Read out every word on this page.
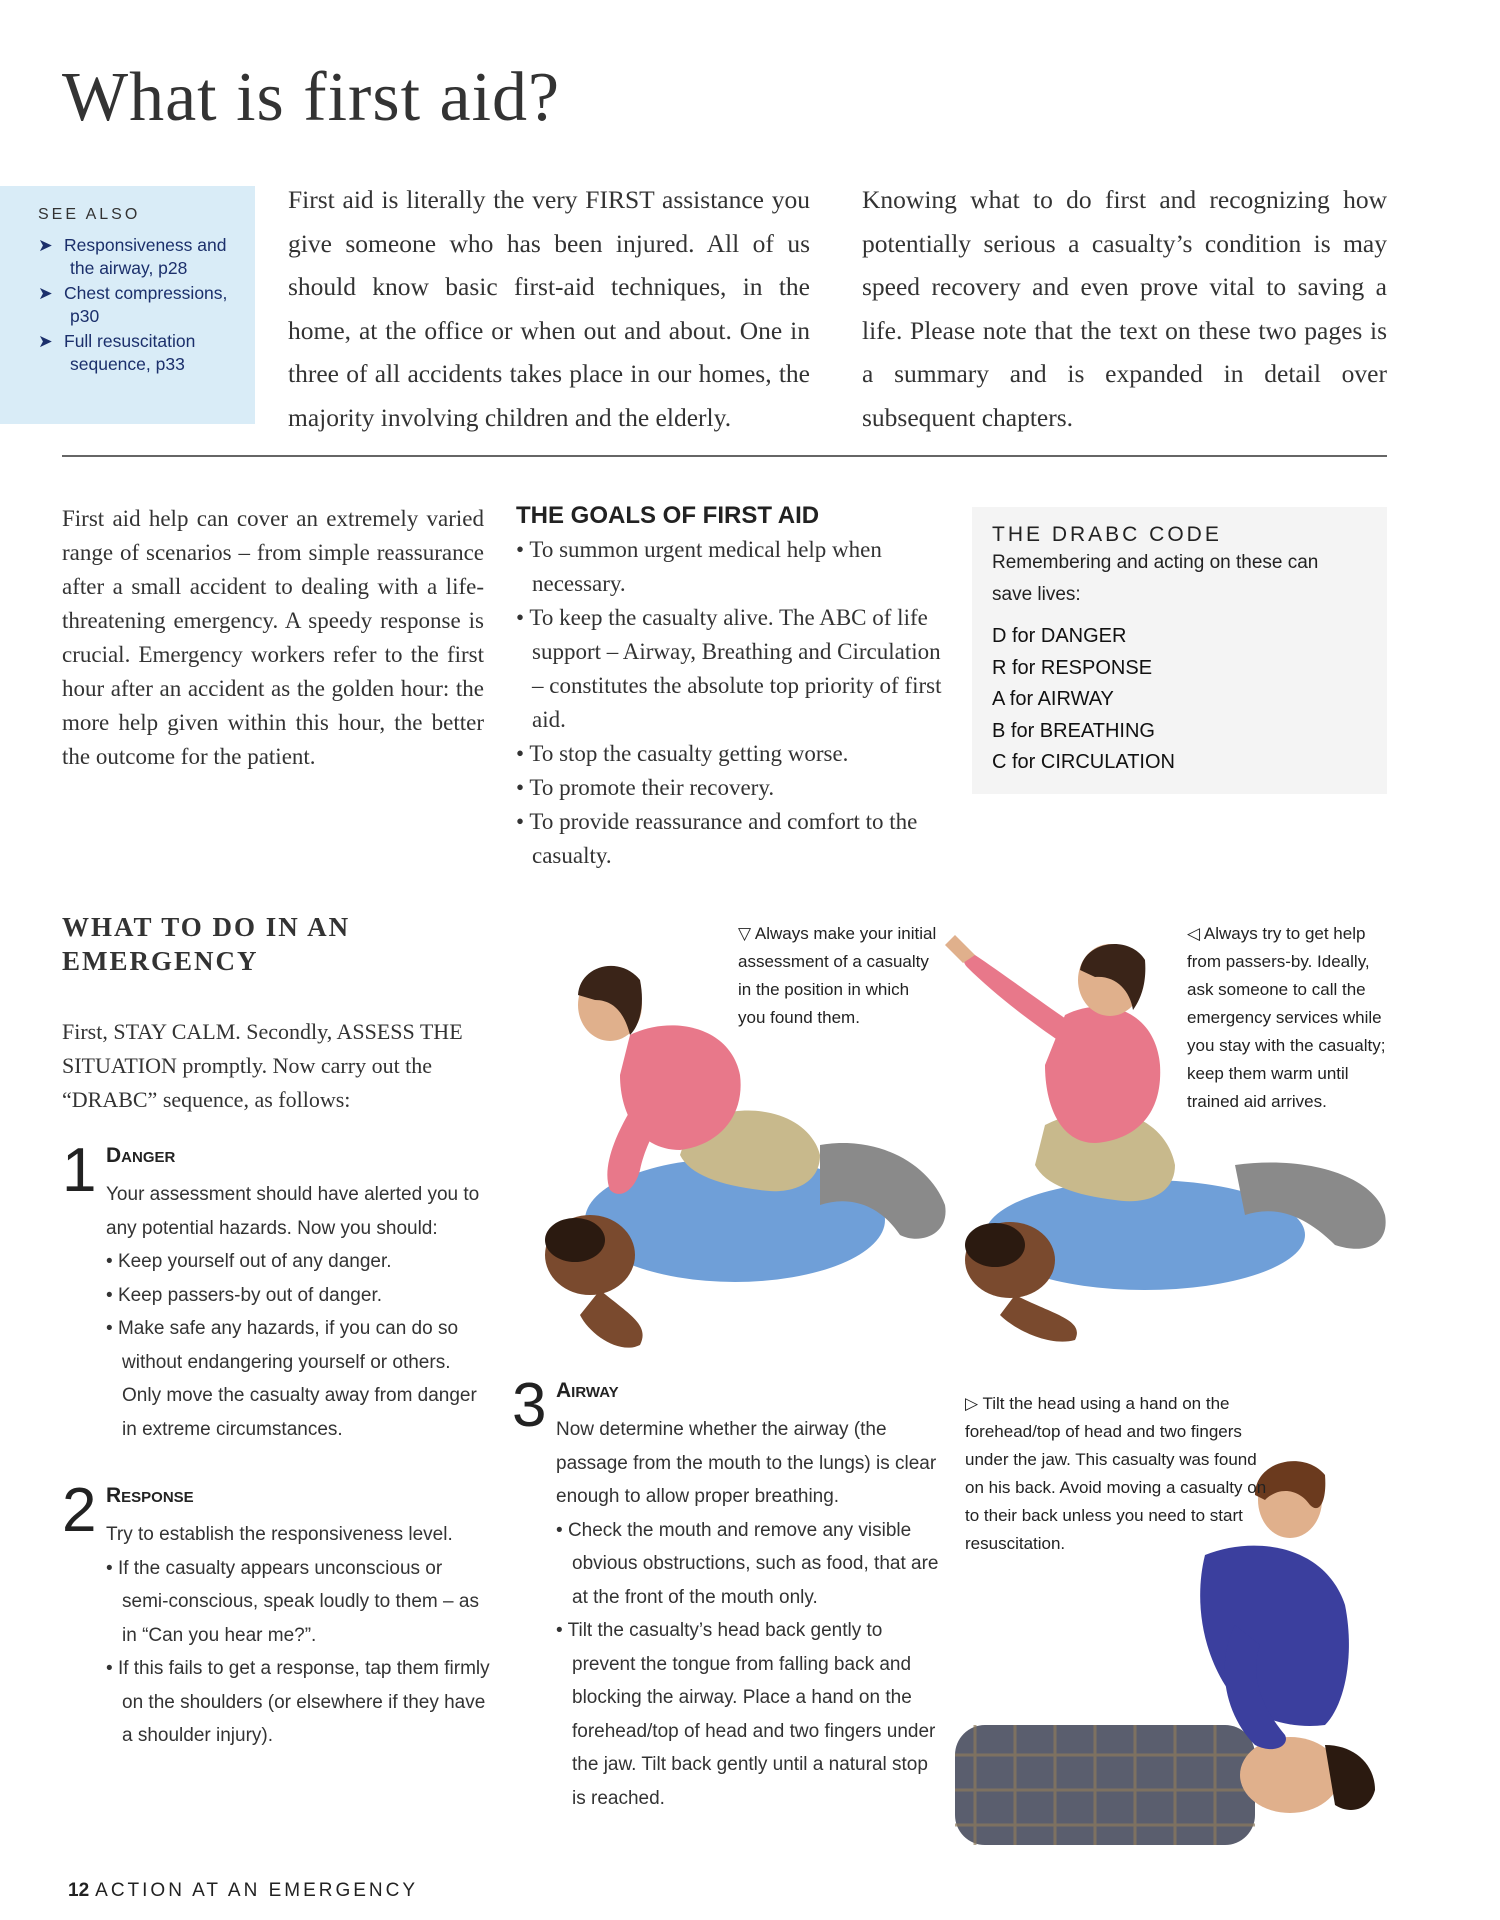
What is first aid?
SEE ALSO
➤ Responsiveness and the airway, p28
➤ Chest compressions, p30
➤ Full resuscitation sequence, p33

First aid is literally the very FIRST assistance you give someone who has been injured. All of us should know basic first-aid techniques, in the home, at the office or when out and about. One in three of all accidents takes place in our homes, the majority involving children and the elderly.

Knowing what to do first and recognizing how potentially serious a casualty’s condition is may speed recovery and even prove vital to saving a life. Please note that the text on these two pages is a summary and is expanded in detail over subsequent chapters.

First aid help can cover an extremely varied range of scenarios – from simple reassurance after a small accident to dealing with a life-threatening emergency. A speedy response is crucial. Emergency workers refer to the first hour after an accident as the golden hour: the more help given within this hour, the better the outcome for the patient.

THE GOALS OF FIRST AID
• To summon urgent medical help when necessary.
• To keep the casualty alive. The ABC of life support – Airway, Breathing and Circulation – constitutes the absolute top priority of first aid.
• To stop the casualty getting worse.
• To promote their recovery.
• To provide reassurance and comfort to the casualty.
THE DRABC CODE
Remembering and acting on these can save lives:
D for DANGER
R for RESPONSE
A for AIRWAY
B for BREATHING
C for CIRCULATION
WHAT TO DO IN AN EMERGENCY

First, STAY CALM. Secondly, ASSESS THE SITUATION promptly. Now carry out the “DRABC” sequence, as follows:

1 Danger
Your assessment should have alerted you to any potential hazards. Now you should:
• Keep yourself out of any danger.
• Keep passers-by out of danger.
• Make safe any hazards, if you can do so without endangering yourself or others. Only move the casualty away from danger in extreme circumstances.
2 Response
Try to establish the responsiveness level.
• If the casualty appears unconscious or semi-conscious, speak loudly to them – as in “Can you hear me?”.
• If this fails to get a response, tap them firmly on the shoulders (or elsewhere if they have a shoulder injury).
3 Airway
Now determine whether the airway (the passage from the mouth to the lungs) is clear enough to allow proper breathing.
• Check the mouth and remove any visible obvious obstructions, such as food, that are at the front of the mouth only.
• Tilt the casualty’s head back gently to prevent the tongue from falling back and blocking the airway. Place a hand on the forehead/top of head and two fingers under the jaw. Tilt back gently until a natural stop is reached.

▽ Always make your initial assessment of a casualty in the position in which you found them.

◁ Always try to get help from passers-by. Ideally, ask someone to call the emergency services while you stay with the casualty; keep them warm until trained aid arrives.

▷ Tilt the head using a hand on the forehead/top of head and two fingers under the jaw. This casualty was found on his back. Avoid moving a casualty on to their back unless you need to start resuscitation.

12 ACTION AT AN EMERGENCY
